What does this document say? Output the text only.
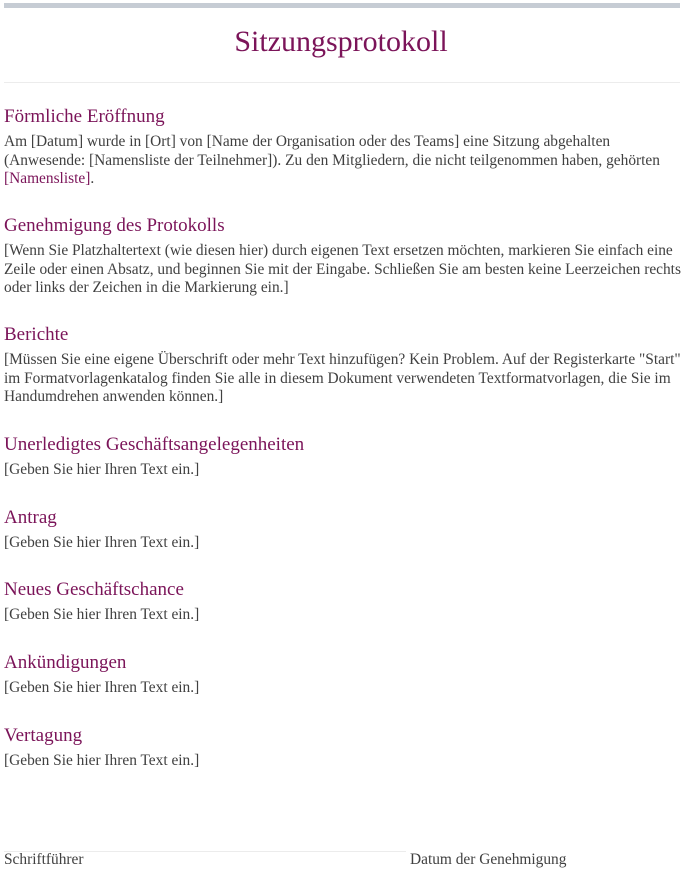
Sitzungsprotokoll
Förmliche Eröffnung

Am [Datum] wurde in [Ort] von [Name der Organisation oder des Teams] eine Sitzung abgehalten (Anwesende: [Namensliste der Teilnehmer]). Zu den Mitgliedern, die nicht teilgenommen haben, gehörten [Namensliste].

Genehmigung des Protokolls

[Wenn Sie Platzhaltertext (wie diesen hier) durch eigenen Text ersetzen möchten, markieren Sie einfach eine Zeile oder einen Absatz, und beginnen Sie mit der Eingabe. Schließen Sie am besten keine Leerzeichen rechts oder links der Zeichen in die Markierung ein.]

Berichte

[Müssen Sie eine eigene Überschrift oder mehr Text hinzufügen? Kein Problem. Auf der Registerkarte "Start" im Formatvorlagenkatalog finden Sie alle in diesem Dokument verwendeten Textformatvorlagen, die Sie im Handumdrehen anwenden können.]

Unerledigtes Geschäftsangelegenheiten

[Geben Sie hier Ihren Text ein.]

Antrag

[Geben Sie hier Ihren Text ein.]

Neues Geschäftschance

[Geben Sie hier Ihren Text ein.]

Ankündigungen

[Geben Sie hier Ihren Text ein.]

Vertagung

[Geben Sie hier Ihren Text ein.]

Schriftführer	Datum der Genehmigung
